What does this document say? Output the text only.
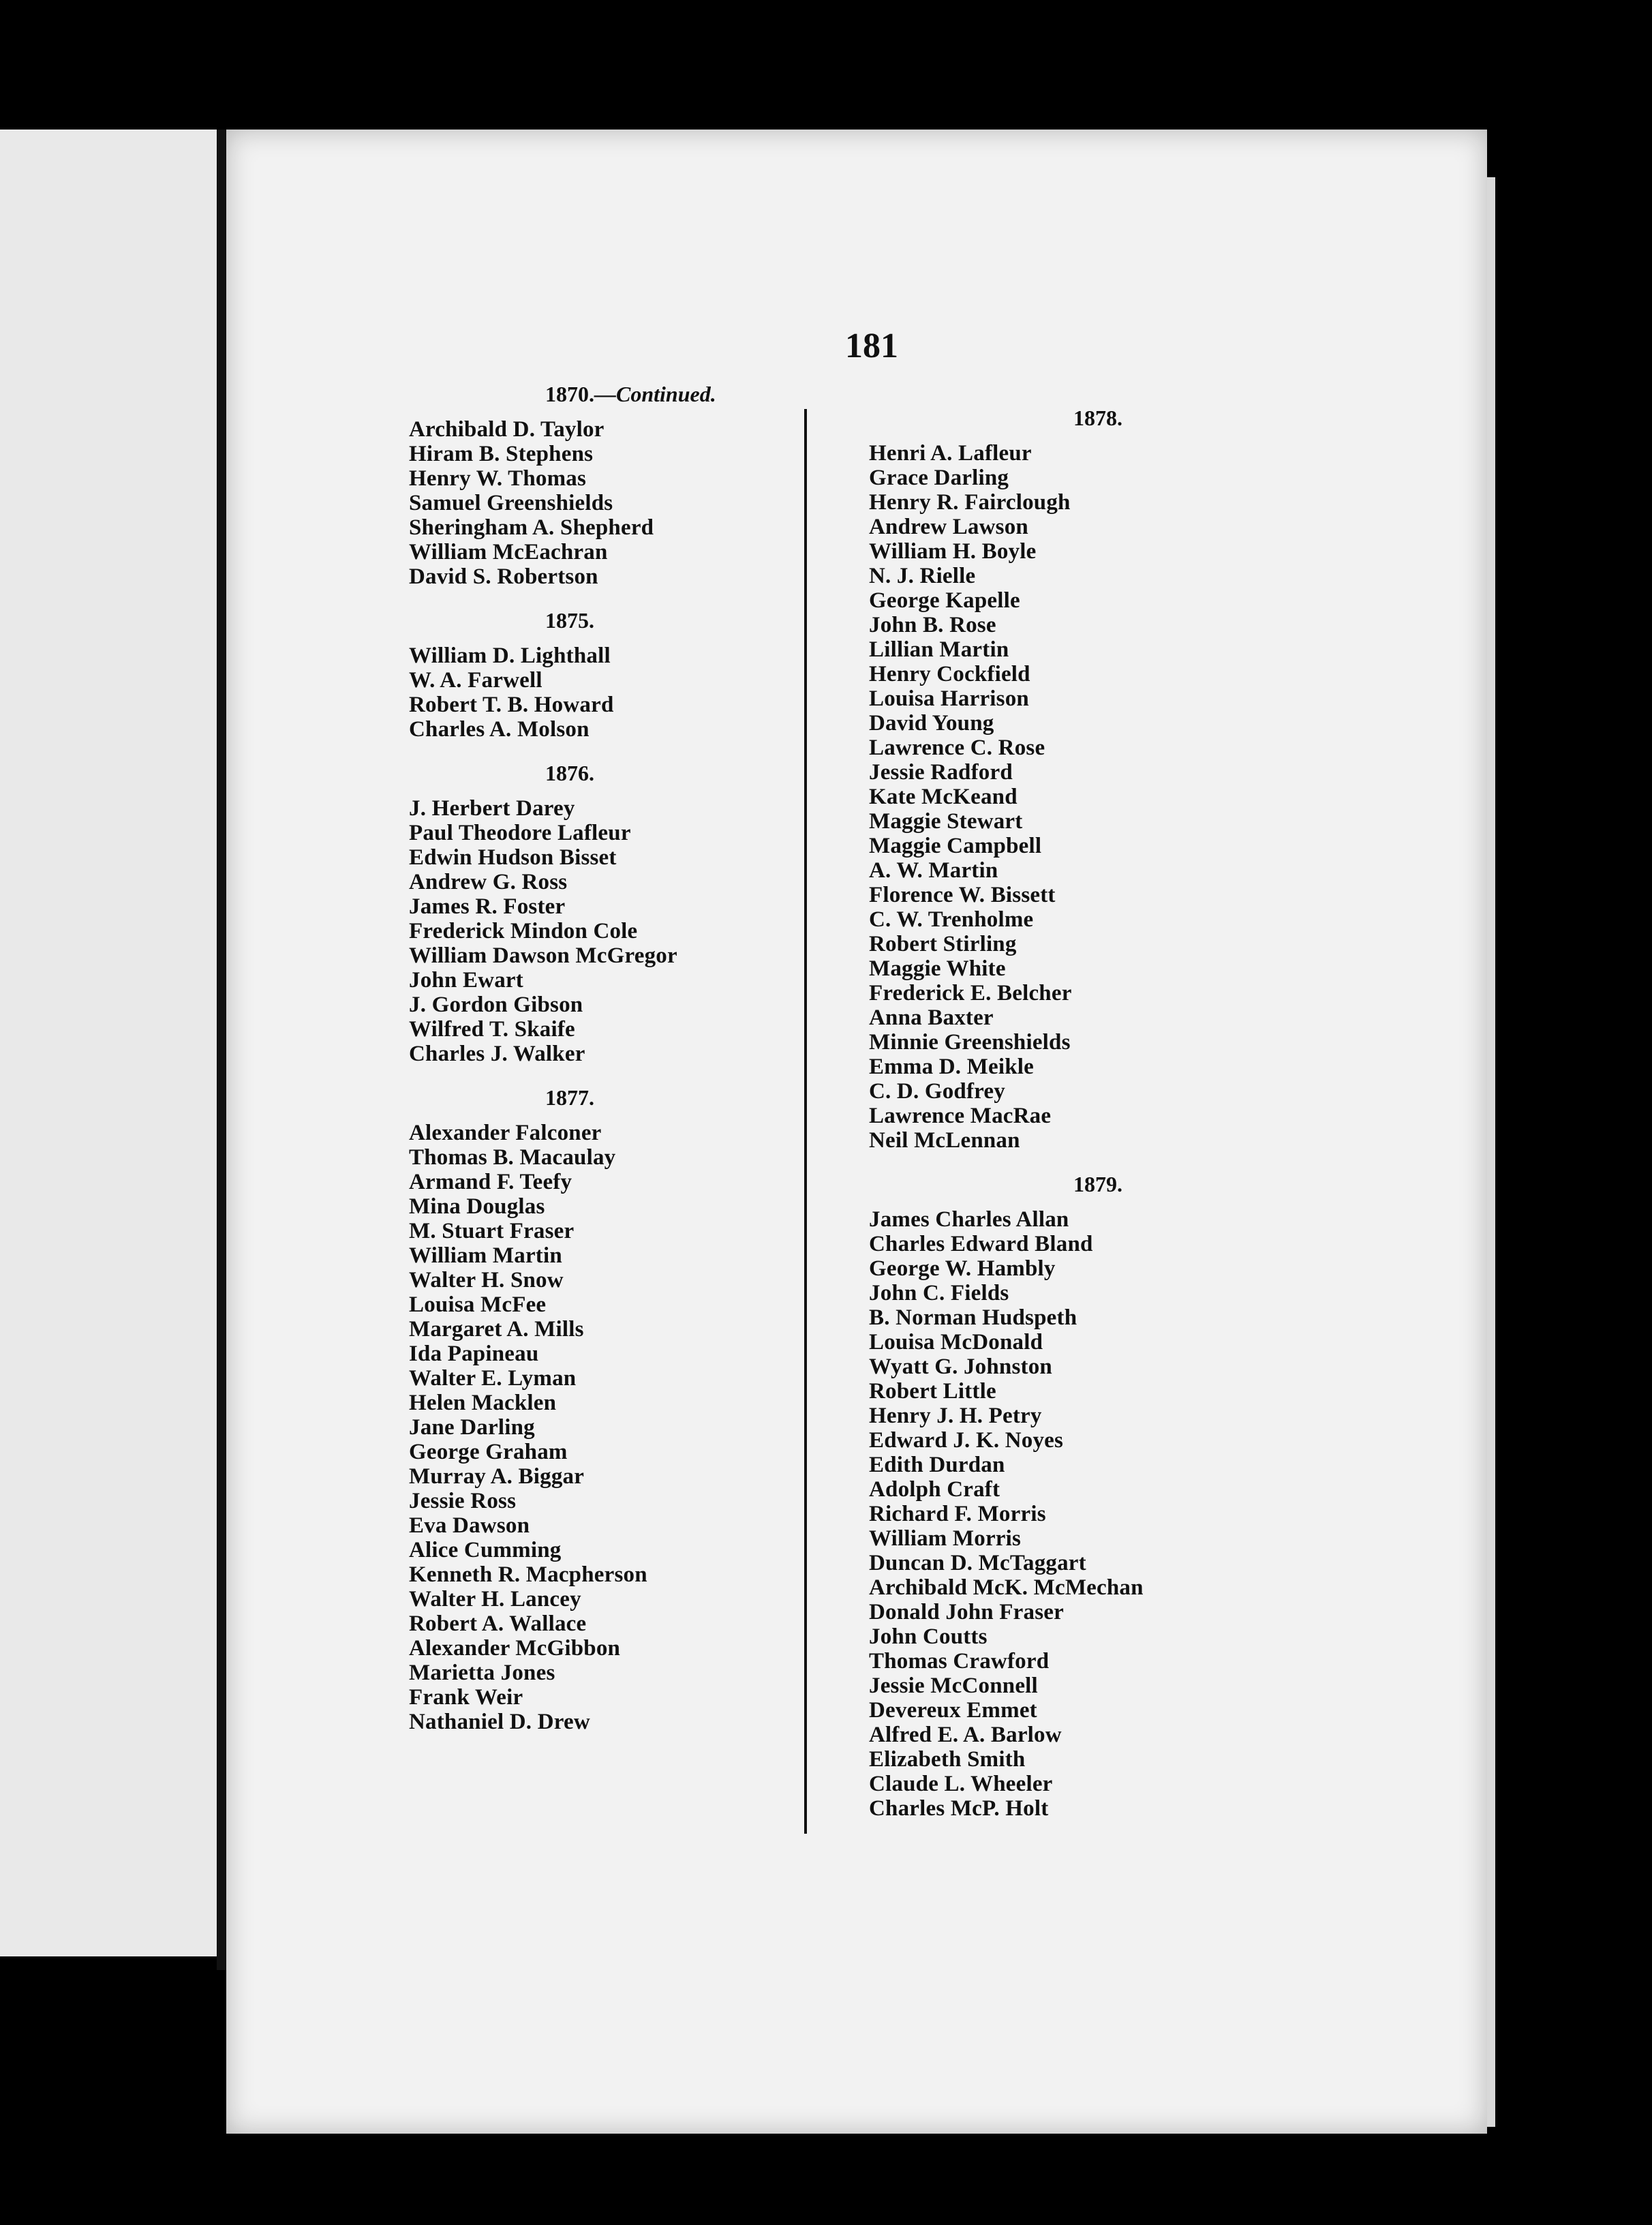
181
1870.—Continued.
Archibald D. Taylor
Hiram B. Stephens
Henry W. Thomas
Samuel Greenshields
Sheringham A. Shepherd
William McEachran
David S. Robertson
1875.
William D. Lighthall
W. A. Farwell
Robert T. B. Howard
Charles A. Molson
1876.
J. Herbert Darey
Paul Theodore Lafleur
Edwin Hudson Bisset
Andrew G. Ross
James R. Foster
Frederick Mindon Cole
William Dawson McGregor
John Ewart
J. Gordon Gibson
Wilfred T. Skaife
Charles J. Walker
1877.
Alexander Falconer
Thomas B. Macaulay
Armand F. Teefy
Mina Douglas
M. Stuart Fraser
William Martin
Walter H. Snow
Louisa McFee
Margaret A. Mills
Ida Papineau
Walter E. Lyman
Helen Macklen
Jane Darling
George Graham
Murray A. Biggar
Jessie Ross
Eva Dawson
Alice Cumming
Kenneth R. Macpherson
Walter H. Lancey
Robert A. Wallace
Alexander McGibbon
Marietta Jones
Frank Weir
Nathaniel D. Drew
1878.
Henri A. Lafleur
Grace Darling
Henry R. Fairclough
Andrew Lawson
William H. Boyle
N. J. Rielle
George Kapelle
John B. Rose
Lillian Martin
Henry Cockfield
Louisa Harrison
David Young
Lawrence C. Rose
Jessie Radford
Kate McKeand
Maggie Stewart
Maggie Campbell
A. W. Martin
Florence W. Bissett
C. W. Trenholme
Robert Stirling
Maggie White
Frederick E. Belcher
Anna Baxter
Minnie Greenshields
Emma D. Meikle
C. D. Godfrey
Lawrence MacRae
Neil McLennan
1879.
James Charles Allan
Charles Edward Bland
George W. Hambly
John C. Fields
B. Norman Hudspeth
Louisa McDonald
Wyatt G. Johnston
Robert Little
Henry J. H. Petry
Edward J. K. Noyes
Edith Durdan
Adolph Craft
Richard F. Morris
William Morris
Duncan D. McTaggart
Archibald McK. McMechan
Donald John Fraser
John Coutts
Thomas Crawford
Jessie McConnell
Devereux Emmet
Alfred E. A. Barlow
Elizabeth Smith
Claude L. Wheeler
Charles McP. Holt
